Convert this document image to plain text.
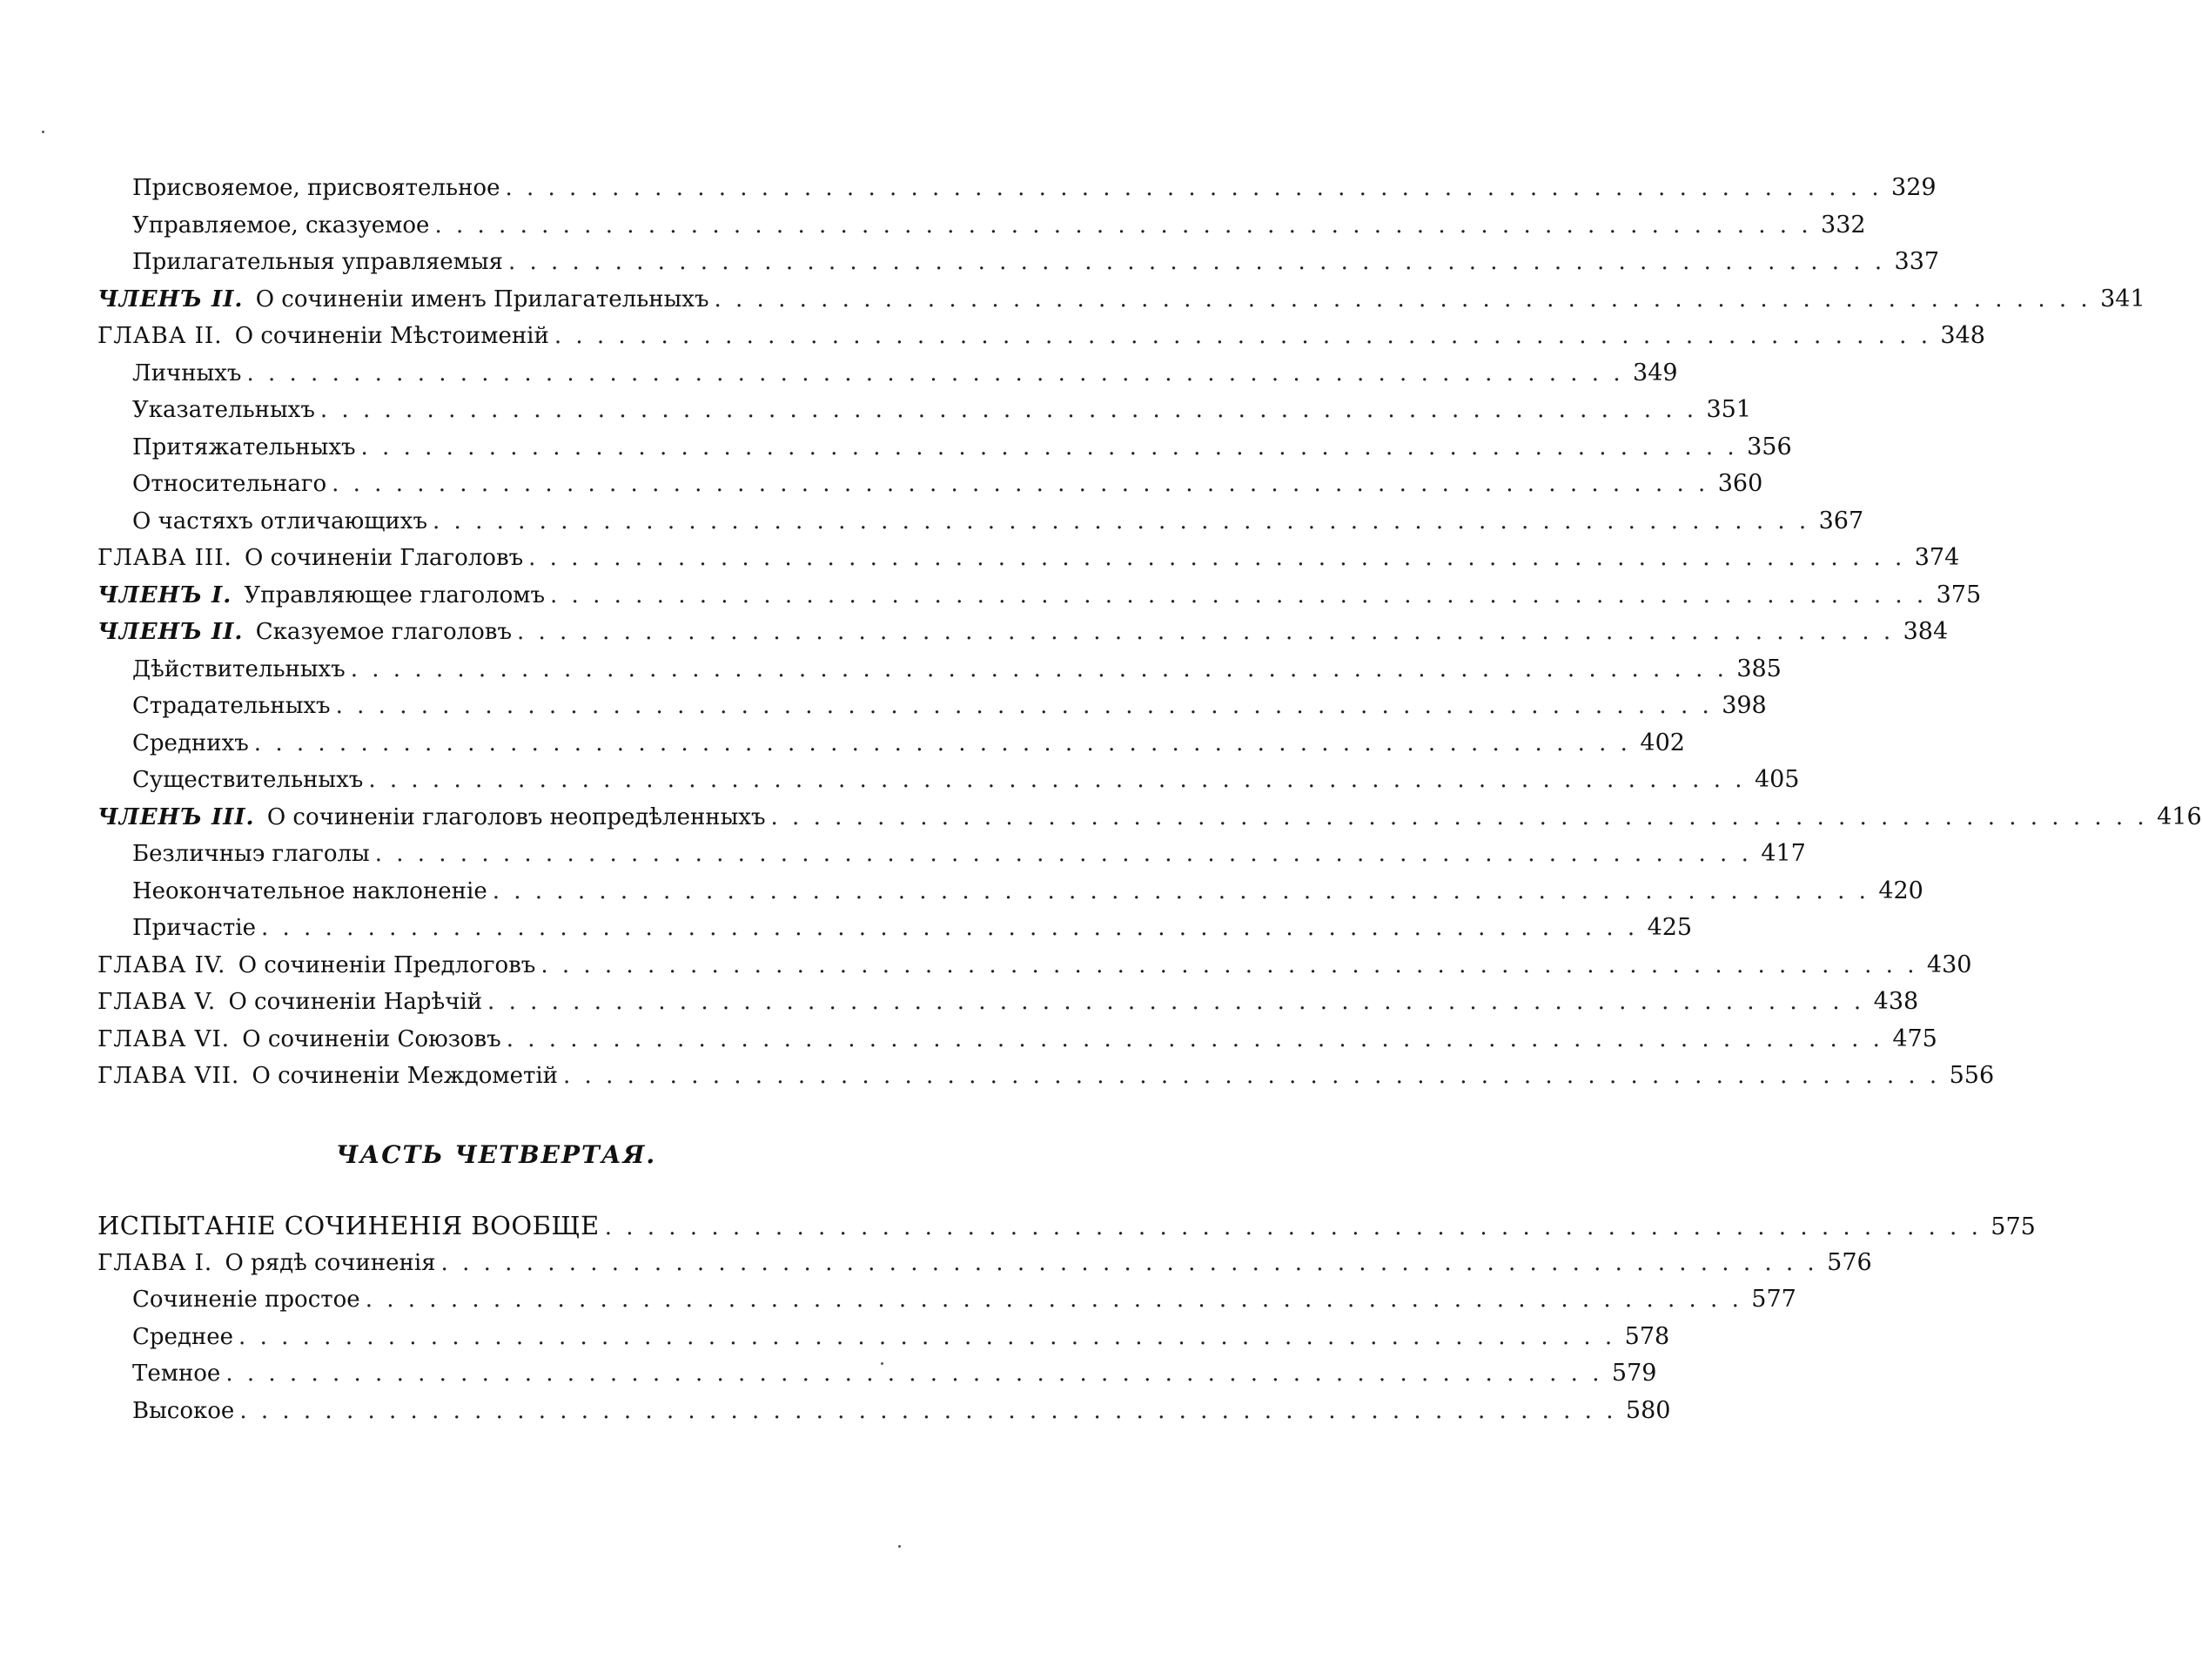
Присвояемое, присвоятельное . . .	329
Управляемое, сказуемое . . .	332
Прилагательныя управляемыя . . .	337
ЧЛЕНЪ II. О сочиненіи именъ Прилагательныхъ . . .	341
ГЛАВА II. О сочиненіи Мѣстоименій . . .	348
Личныхъ . . .	349
Указательныхъ . . .	351
Притяжательныхъ . . .	356
Относительнаго . . .	360
О частяхъ отличающихъ . . .	367
ГЛАВА III. О сочиненіи Глаголовъ . . .	374
ЧЛЕНЪ I. Управляющее глаголомъ . . .	375
ЧЛЕНЪ II. Сказуемое глаголовъ . . .	384
Дѣйствительныхъ . . .	385
Страдательныхъ . . .	398
Среднихъ . . .	402
Существительныхъ . . .	405
ЧЛЕНЪ III. О сочиненіи глаголовъ неопредѣленныхъ . . .	416
Безличныэ глаголы . . .	417
Неокончательное наклоненіе . . .	420
Причастіе . . .	425
ГЛАВА IV. О сочиненіи Предлоговъ . . .	430
ГЛАВА V. О сочиненіи Нарѣчій . . .	438
ГЛАВА VI. О сочиненіи Союзовъ . . .	475
ГЛАВА VII. О сочиненіи Междометій . . .	556
ЧАСТЬ ЧЕТВЕРТАЯ.
ИСПЫТАНІЕ СОЧИНЕНІЯ ВООБЩЕ . . .	575
ГЛАВА I. О рядѣ сочиненія . . .	576
Сочиненіе простое . . .	577
Среднее . . .	578
Темное . . .	579
Высокое . . .	580
